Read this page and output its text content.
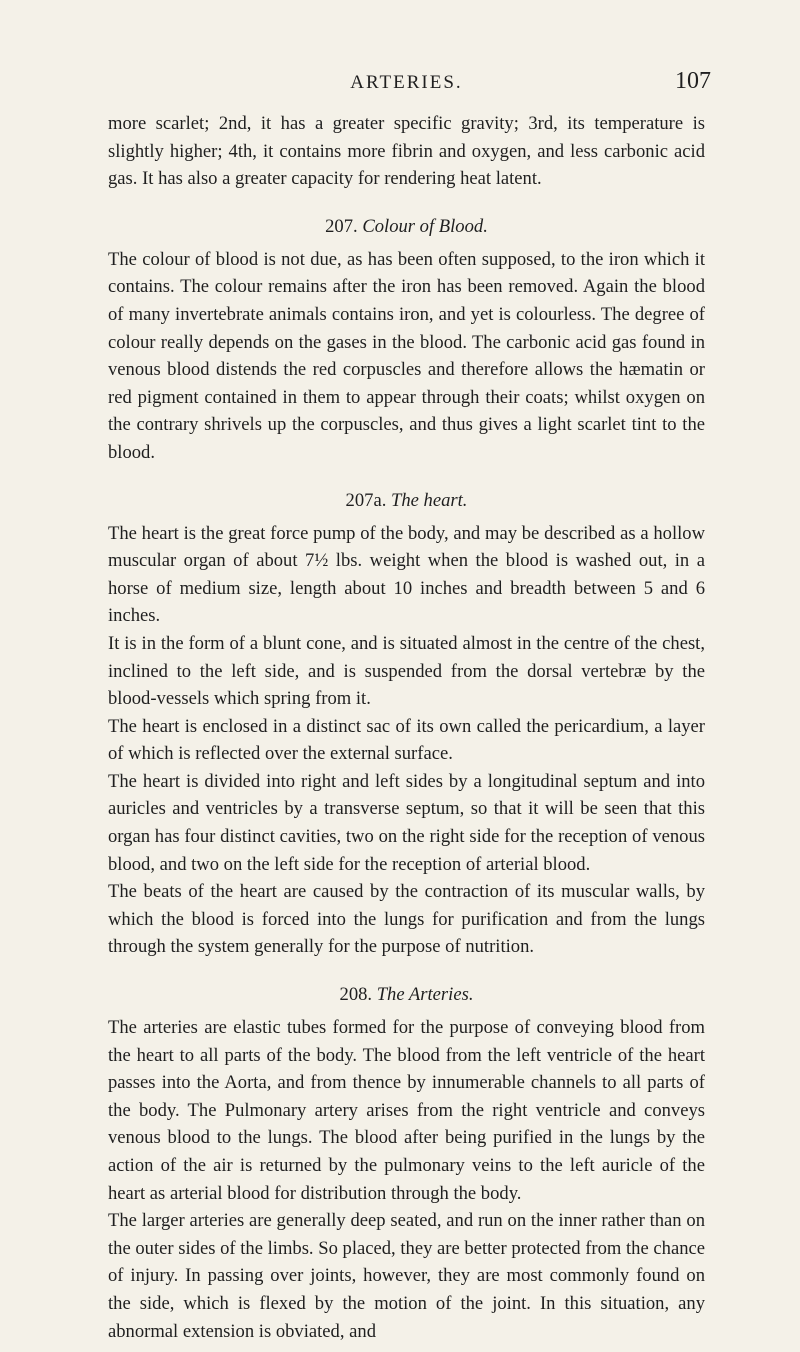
ARTERIES.	107

more scarlet; 2nd, it has a greater specific gravity; 3rd, its temperature is slightly higher; 4th, it contains more fibrin and oxygen, and less carbonic acid gas. It has also a greater capacity for rendering heat latent.

207. Colour of Blood.

The colour of blood is not due, as has been often supposed, to the iron which it contains. The colour remains after the iron has been removed. Again the blood of many invertebrate animals contains iron, and yet is colourless. The degree of colour really depends on the gases in the blood. The carbonic acid gas found in venous blood distends the red corpuscles and therefore allows the hæmatin or red pigment contained in them to appear through their coats; whilst oxygen on the contrary shrivels up the corpuscles, and thus gives a light scarlet tint to the blood.

207a. The heart.

The heart is the great force pump of the body, and may be described as a hollow muscular organ of about 7½ lbs. weight when the blood is washed out, in a horse of medium size, length about 10 inches and breadth between 5 and 6 inches.

It is in the form of a blunt cone, and is situated almost in the centre of the chest, inclined to the left side, and is suspended from the dorsal vertebræ by the blood-vessels which spring from it.

The heart is enclosed in a distinct sac of its own called the pericardium, a layer of which is reflected over the external surface.

The heart is divided into right and left sides by a longitudinal septum and into auricles and ventricles by a transverse septum, so that it will be seen that this organ has four distinct cavities, two on the right side for the reception of venous blood, and two on the left side for the reception of arterial blood.

The beats of the heart are caused by the contraction of its muscular walls, by which the blood is forced into the lungs for purification and from the lungs through the system generally for the purpose of nutrition.

208. The Arteries.

The arteries are elastic tubes formed for the purpose of conveying blood from the heart to all parts of the body. The blood from the left ventricle of the heart passes into the Aorta, and from thence by innumerable channels to all parts of the body. The Pulmonary artery arises from the right ventricle and conveys venous blood to the lungs. The blood after being purified in the lungs by the action of the air is returned by the pulmonary veins to the left auricle of the heart as arterial blood for distribution through the body.

The larger arteries are generally deep seated, and run on the inner rather than on the outer sides of the limbs. So placed, they are better protected from the chance of injury. In passing over joints, however, they are most commonly found on the side, which is flexed by the motion of the joint. In this situation, any abnormal extension is obviated, and
